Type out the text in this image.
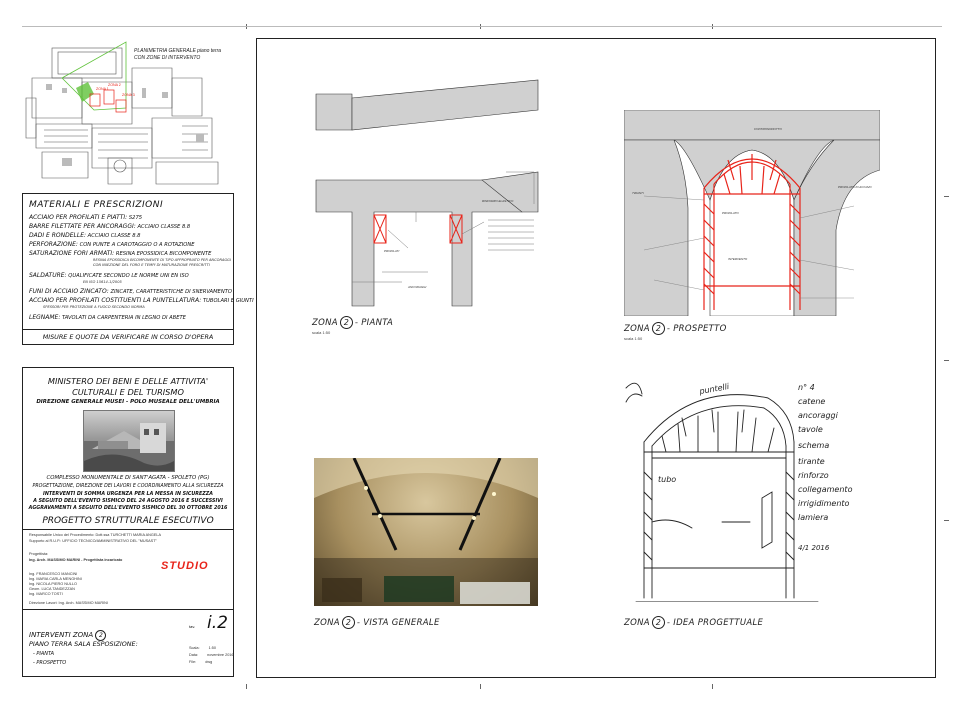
ZONA 1
ZONA 2
ZONA 3
PLANIMETRIA GENERALE piano terra
CON ZONE DI INTERVENTO
MATERIALI E PRESCRIZIONI
ACCIAIO PER PROFILATI E PIATTI: S275
BARRE FILETTATE PER ANCORAGGI: ACCIAIO CLASSE 8.8
DADI E RONDELLE: ACCIAIO CLASSE 8.8
PERFORAZIONE: CON PUNTE A CAROTAGGIO O A ROTAZIONE
SATURAZIONE FORI ARMATI: RESINA EPOSSIDICA BICOMPONENTE
RESINA EPOSSIDICA BICOMPONENTE DI TIPO APPROPRIATO PER ANCORAGGI
CON INIEZIONE DEL FORO E TEMPI DI MATURAZIONE PRESCRITTI
SALDATURE: QUALIFICATE SECONDO LE NORME UNI EN ISO
EN ISO 15614-1/2005
FUNI DI ACCIAIO ZINCATO: ZINCATE, CARATTERISTICHE DI SNERVAMENTO
ACCIAIO PER PROFILATI COSTITUENTI LA PUNTELLATURA: TUBOLARI E GIUNTI
SPESSORI PER PROTEZIONE A FUOCO SECONDO NORMA
LEGNAME: TAVOLATI DA CARPENTERIA IN LEGNO DI ABETE
MISURE E QUOTE DA VERIFICARE IN CORSO D'OPERA
MINISTERO DEI BENI E DELLE ATTIVITA'
CULTURALI E DEL TURISMO
DIREZIONE GENERALE MUSEI - POLO MUSEALE DELL'UMBRIA
COMPLESSO MONUMENTALE DI SANT'AGATA - SPOLETO (PG)
PROGETTAZIONE, DIREZIONE DEI LAVORI E COORDINAMENTO ALLA SICUREZZA
INTERVENTI DI SOMMA URGENZA PER LA MESSA IN SICUREZZA
A SEGUITO DELL'EVENTO SISMICO DEL 24 AGOSTO 2016 E SUCCESSIVI
AGGRAVAMENTI A SEGUITO DELL'EVENTO SISMICO DEL 30 OTTOBRE 2016
PROGETTO STRUTTURALE ESECUTIVO
Responsabile Unico del Procedimento: Dott.ssa TURCHETTI MARIA ANGELA
Supporto al R.U.P.: UFFICIO TECNICO/AMMINISTRATIVO DEL "MUSAST"
Progettista:
Ing. Arch. MASSIMO MARINI - Progettista incaricato	STUDIO
Ing. FRANCESCO MANCINI
Ing. MARIA CARLA MENGHINI
Ing. NICOLA PIERO NULLO
Geom. LUCA TANDEZZAN
Ing. MARCO TOSTI
Direzione Lavori: Ing. Arch. MASSIMO MARINI
INTERVENTI ZONA 2
PIANO TERRA SALA ESPOSIZIONE:
- PIANTA
- PROSPETTO
tav. i.2
Scala: 1:50
Data: novembre 2016
File: dwg
RINFORZO ELASTICO
PROFILATI
ANCORAGGI
ZONA 2 - PIANTA
scala 1:50
CONTROSOFFITTO
PROFILATO
INTERVENTO
PROFILATO IN ACCIAIO
TIRANTI
ZONA 2 - PROSPETTO
scala 1:50
ZONA 2 - VISTA GENERALE
puntelli	n° 4
catene
ancoraggi
tavole
schema
tirante
rinforzo
collegamento
irrigidimento
lamiera
tubo
4/1 2016
ZONA 2 - IDEA PROGETTUALE
